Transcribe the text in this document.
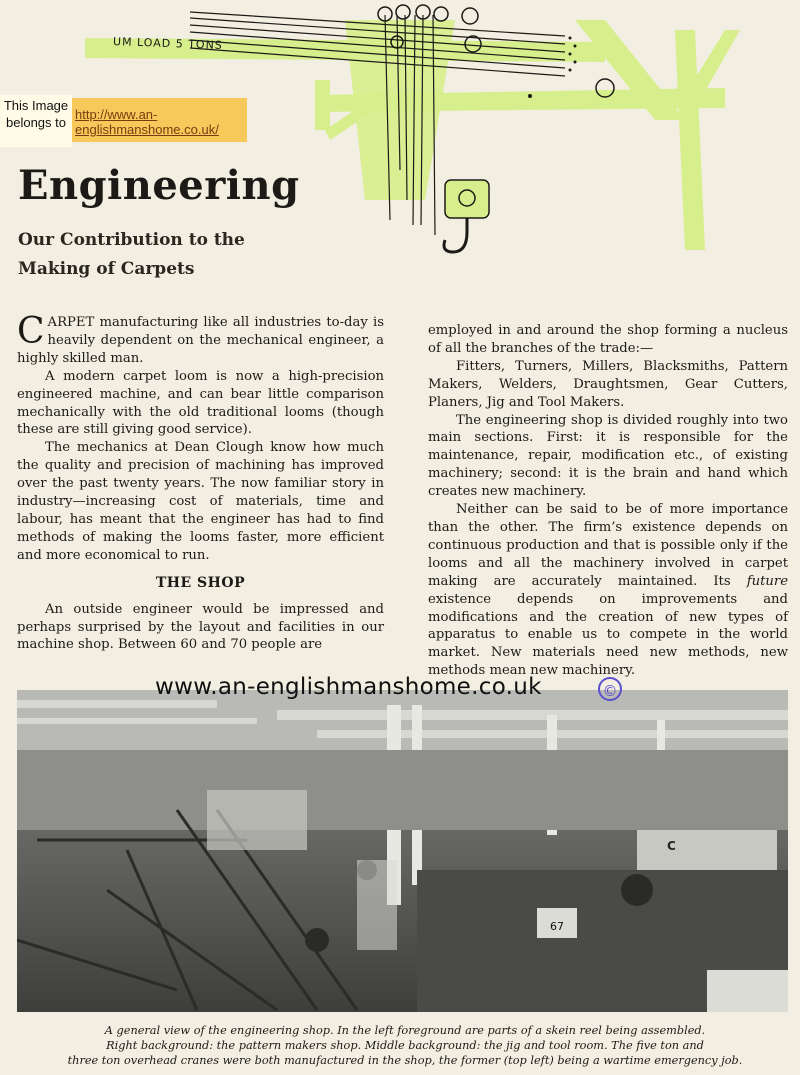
UM LOAD 5 TONS
This Image
belongs to
http://www.an-englishmanshome.co.uk/
Engineering
Our Contribution to the
Making of Carpets

CARPET manufacturing like all industries to-day is heavily dependent on the mechanical engineer, a highly skilled man.

A modern carpet loom is now a high-precision engineered machine, and can bear little comparison mechanically with the old traditional looms (though these are still giving good service).

The mechanics at Dean Clough know how much the quality and precision of machining has improved over the past twenty years. The now familiar story in industry—increasing cost of materials, time and labour, has meant that the engineer has had to find methods of making the looms faster, more efficient and more economical to run.

THE SHOP

An outside engineer would be impressed and perhaps surprised by the layout and facilities in our machine shop. Between 60 and 70 people are

employed in and around the shop forming a nucleus of all the branches of the trade:—

Fitters, Turners, Millers, Blacksmiths, Pattern Makers, Welders, Draughtsmen, Gear Cutters, Planers, Jig and Tool Makers.

The engineering shop is divided roughly into two main sections. First: it is responsible for the maintenance, repair, modification etc., of existing machinery; second: it is the brain and hand which creates new machinery.

Neither can be said to be of more importance than the other. The firm’s existence depends on continuous production and that is possible only if the looms and all the machinery involved in carpet making are accurately maintained. Its future existence depends on improvements and modifications and the creation of new types of apparatus to enable us to compete in the world market. New materials need new methods, new methods mean new machinery.

67
C
www.an-englishmanshome.co.uk	©
A general view of the engineering shop. In the left foreground are parts of a skein reel being assembled.
Right background: the pattern makers shop. Middle background: the jig and tool room. The five ton and
three ton overhead cranes were both manufactured in the shop, the former (top left) being a wartime emergency job.
